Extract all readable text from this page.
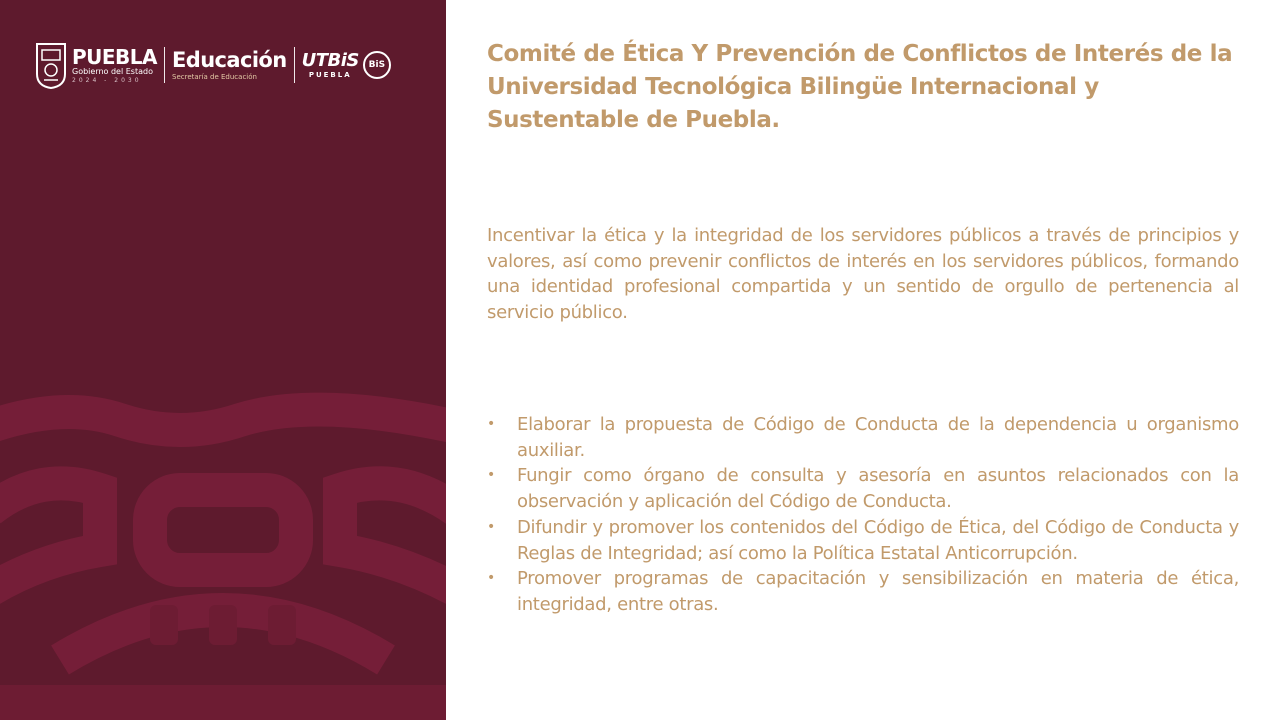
PUEBLA
Gobierno del Estado
2024 - 2030
Educación
Secretaría de Educación
UTBiS
PUEBLA
BiS	Comité de Ética Y Prevención de Conflictos de Interés de la Universidad Tecnológica Bilingüe Internacional y Sustentable de Puebla.
Incentivar la ética y la integridad de los servidores públicos a través de principios y valores, así como prevenir conflictos de interés en los servidores públicos, formando una identidad profesional compartida y un sentido de orgullo de pertenencia al servicio público.
• Elaborar la propuesta de Código de Conducta de la dependencia u organismo auxiliar.
• Fungir como órgano de consulta y asesoría en asuntos relacionados con la observación y aplicación del Código de Conducta.
• Difundir y promover los contenidos del Código de Ética, del Código de Conducta y Reglas de Integridad; así como la Política Estatal Anticorrupción.
• Promover programas de capacitación y sensibilización en materia de ética, integridad, entre otras.
